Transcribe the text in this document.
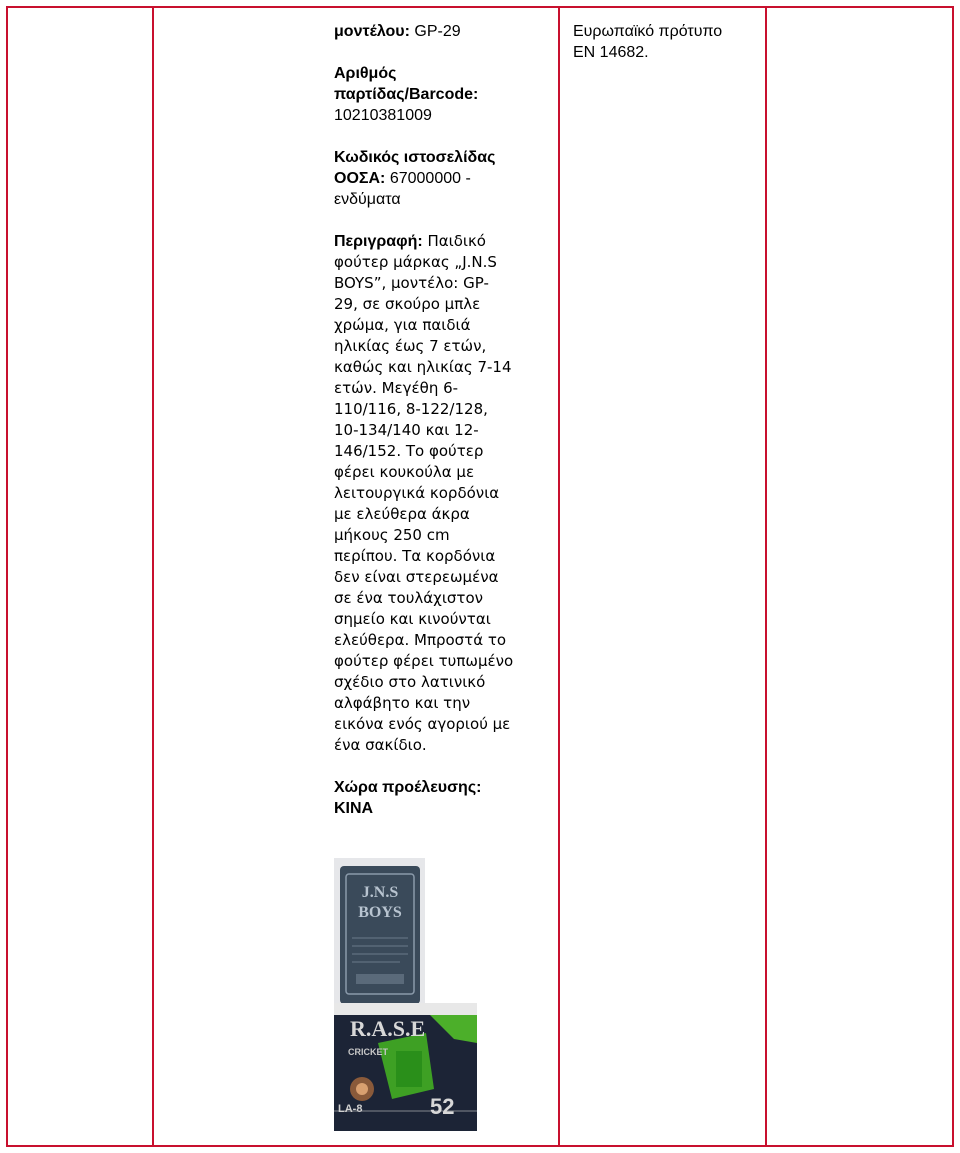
μοντέλου: GP-29
Αριθμός
παρτίδας/Barcode:
10210381009
Κωδικός ιστοσελίδας
ΟΟΣΑ: 67000000 -
ενδύματα
Περιγραφή: Παιδικό
φούτερ μάρκας „J.N.S
BOYS”, μοντέλο: GP-
29, σε σκούρο μπλε
χρώμα, για παιδιά
ηλικίας έως 7 ετών,
καθώς και ηλικίας 7-14
ετών. Μεγέθη 6-
110/116, 8-122/128,
10-134/140 και 12-
146/152. Το φούτερ
φέρει κουκούλα με
λειτουργικά κορδόνια
με ελεύθερα άκρα
μήκους 250 cm
περίπου. Τα κορδόνια
δεν είναι στερεωμένα
σε ένα τουλάχιστον
σημείο και κινούνται
ελεύθερα. Μπροστά το
φούτερ φέρει τυπωμένο
σχέδιο στο λατινικό
αλφάβητο και την
εικόνα ενός αγοριού με
ένα σακίδιο.
Χώρα προέλευσης:
ΚΙΝΑ
J.N.S
BOYS
R.A.S.E
CRICKET
LA-8	52
Ευρωπαϊκό πρότυπο
EN 14682.
